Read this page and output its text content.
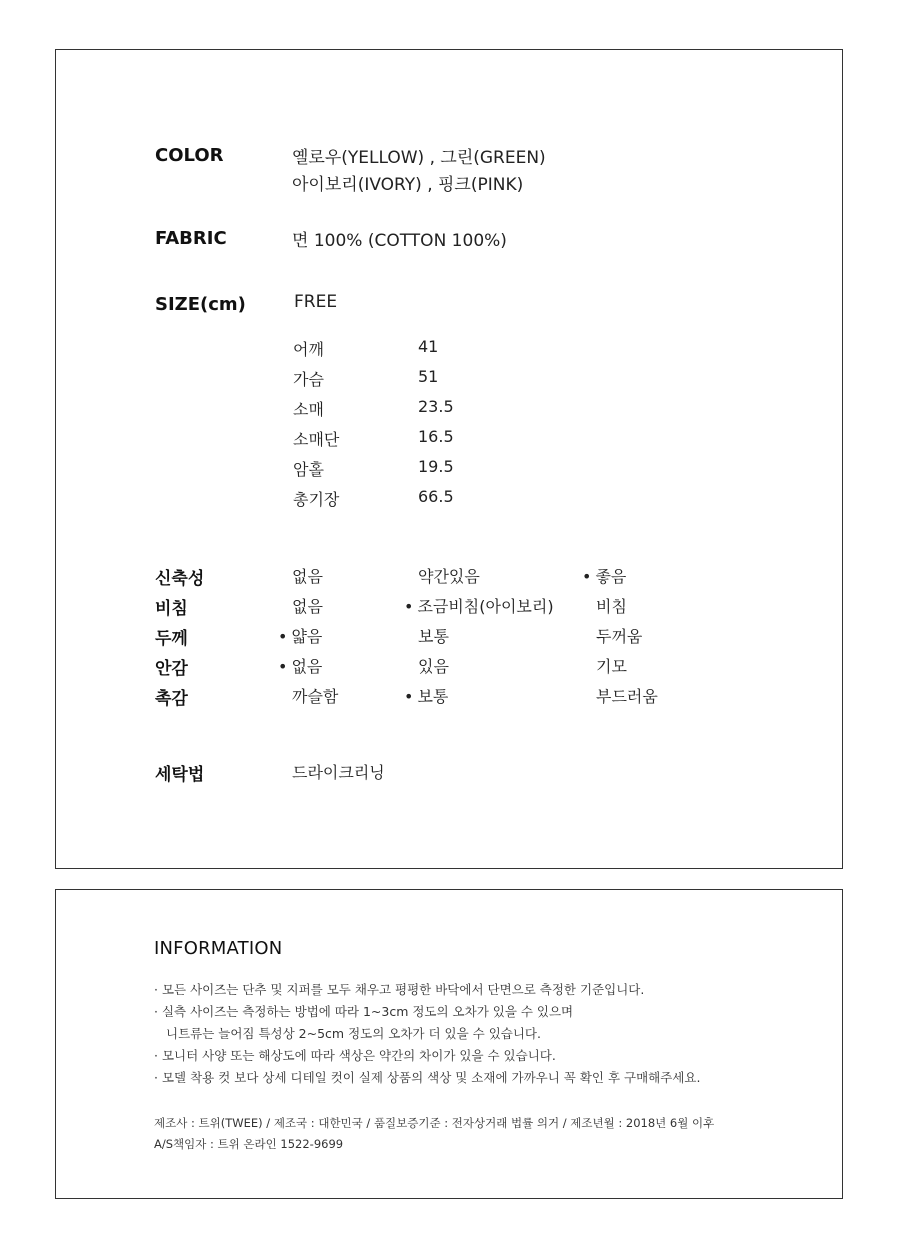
COLOR	옐로우(YELLOW) , 그린(GREEN)
아이보리(IVORY) , 핑크(PINK)
FABRIC	면 100% (COTTON 100%)
SIZE(cm)	FREE
어깨	41
가슴	51
소매	23.5
소매단	16.5
암홀	19.5
총기장	66.5
신축성	없음	약간있음	• 좋음
비침	없음	• 조금비침(아이보리)	비침
두께	• 얇음	보통	두꺼움
안감	• 없음	있음	기모
촉감	까슬함	• 보통	부드러움
세탁법	드라이크리닝
INFORMATION
· 모든 사이즈는 단추 및 지퍼를 모두 채우고 평평한 바닥에서 단면으로 측정한 기준입니다.
· 실측 사이즈는 측정하는 방법에 따라 1~3cm 정도의 오차가 있을 수 있으며
니트류는 늘어짐 특성상 2~5cm 정도의 오차가 더 있을 수 있습니다.
· 모니터 사양 또는 해상도에 따라 색상은 약간의 차이가 있을 수 있습니다.
· 모델 착용 컷 보다 상세 디테일 컷이 실제 상품의 색상 및 소재에 가까우니 꼭 확인 후 구매해주세요.
제조사 : 트위(TWEE) / 제조국 : 대한민국 / 품질보증기준 : 전자상거래 법률 의거 / 제조년월 : 2018년 6월 이후
A/S책임자 : 트위 온라인 1522-9699
